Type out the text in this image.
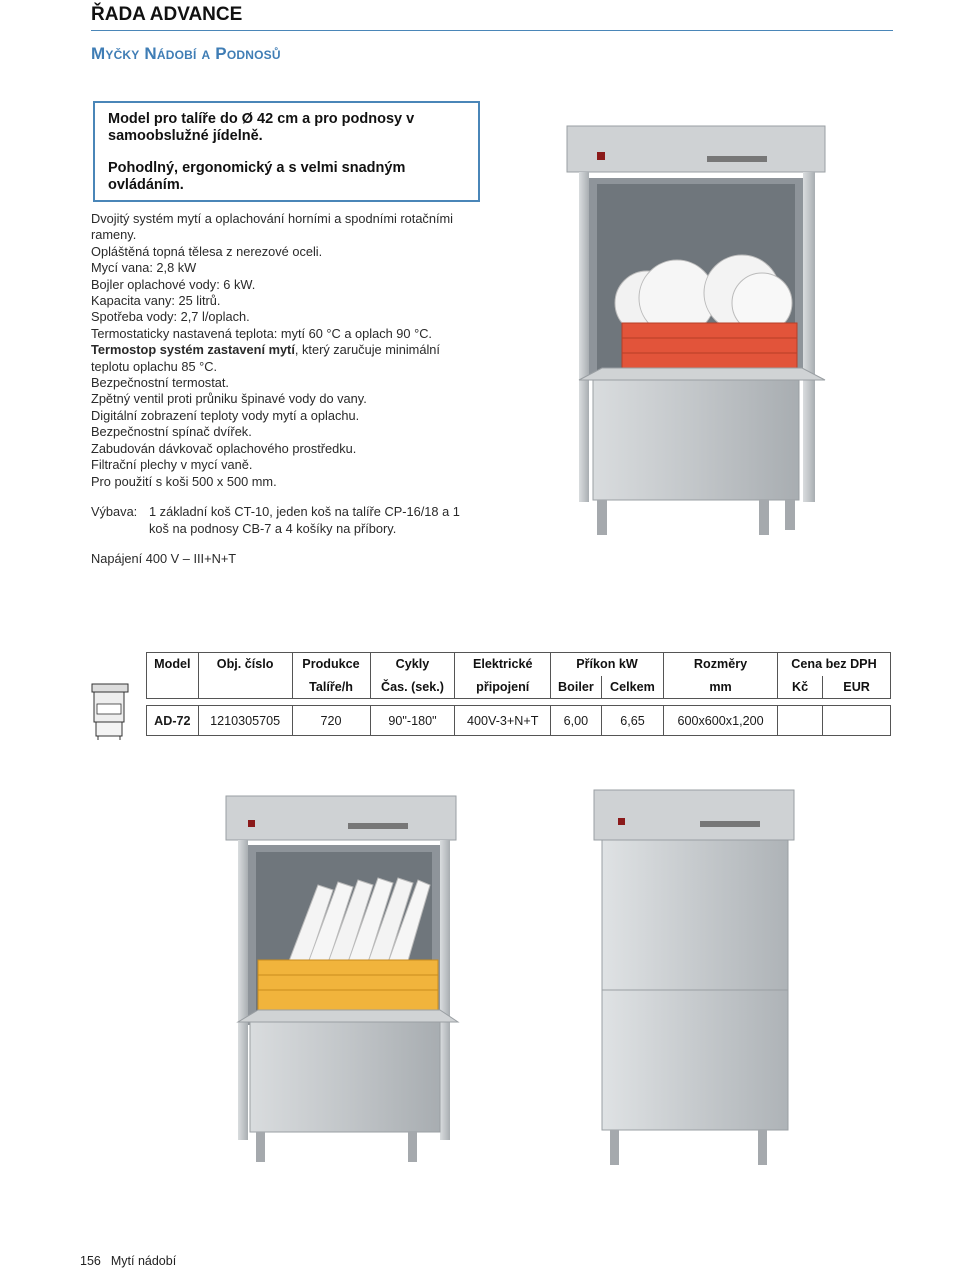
ŘADA ADVANCE
Myčky Nádobí a Podnosů

Model pro talíře do Ø 42 cm a pro podnosy v samoobslužné jídelně.

Pohodlný, ergonomický a s velmi snadným ovládáním.

Dvojitý systém mytí a oplachování horními a spodními rotačními rameny.
Opláštěná topná tělesa z nerezové oceli.
Mycí vana: 2,8 kW
Bojler oplachové vody: 6 kW.
Kapacita vany: 25 litrů.
Spotřeba vody: 2,7 l/oplach.
Termostaticky nastavená teplota: mytí 60 °C a oplach 90 °C.
Termostop systém zastavení mytí, který zaručuje minimální teplotu oplachu 85 °C.
Bezpečnostní termostat.
Zpětný ventil proti průniku špinavé vody do vany.
Digitální zobrazení teploty vody mytí a oplachu.
Bezpečnostní spínač dvířek.
Zabudován dávkovač oplachového prostředku.
Filtrační plechy v mycí vaně.
Pro použití s koši 500 x 500 mm.
Výbava: 1 základní koš CT-10, jeden koš na talíře CP-16/18 a 1 koš na podnosy CB-7 a 4 košíky na příbory.
Napájení 400 V – III+N+T
Model	Obj. číslo	Produkce	Cykly	Elektrické	Příkon kW		Rozměry	Cena bez DPH	
		Talíře/h	Čas. (sek.)	připojení	Boiler	Celkem	mm	Kč	EUR

AD-72	1210305705	720	90"-180"	400V-3+N+T	6,00	6,65	600x600x1,200		
156 Mytí nádobí
